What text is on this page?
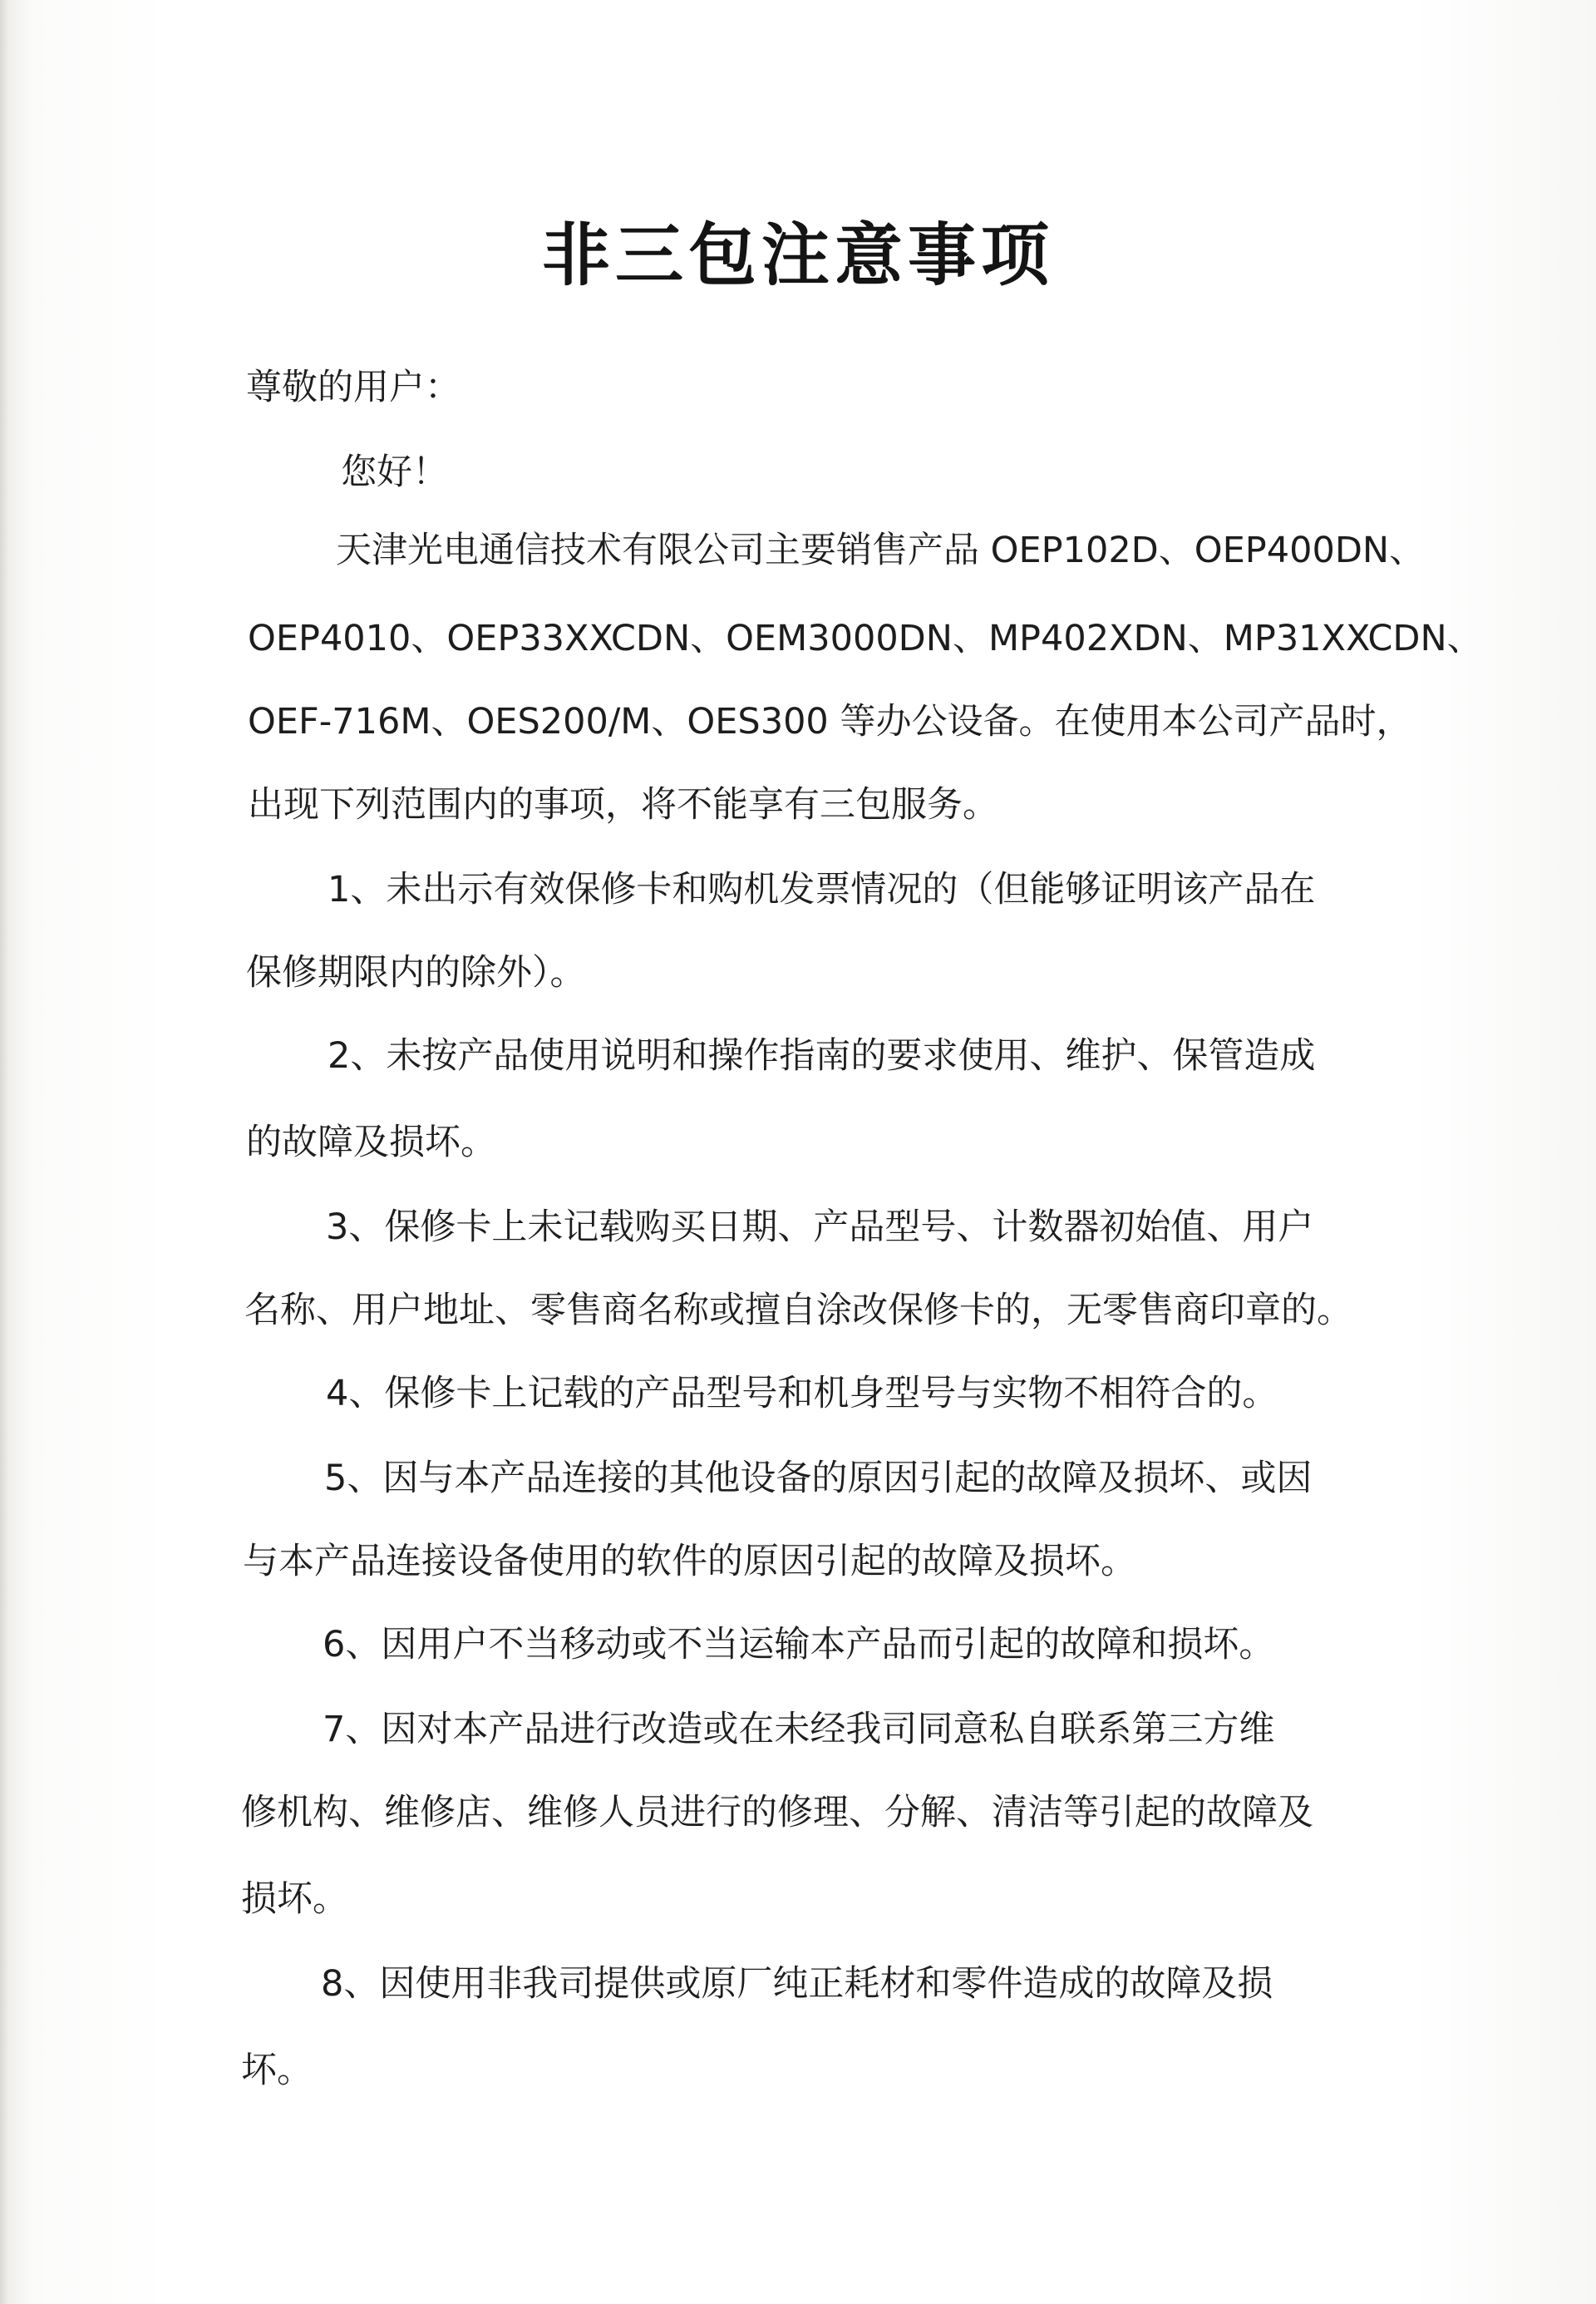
非三包注意事项
尊敬的用户：
您好！
天津光电通信技术有限公司主要销售产品 OEP102D、OEP400DN、
OEP4010、OEP33XXCDN、OEM3000DN、MP402XDN、MP31XXCDN、
OEF-716M、OES200/M、OES300 等办公设备。在使用本公司产品时，
出现下列范围内的事项，将不能享有三包服务。
1、未出示有效保修卡和购机发票情况的（但能够证明该产品在
保修期限内的除外）。
2、未按产品使用说明和操作指南的要求使用、维护、保管造成
的故障及损坏。
3、保修卡上未记载购买日期、产品型号、计数器初始值、用户
名称、用户地址、零售商名称或擅自涂改保修卡的，无零售商印章的。
4、保修卡上记载的产品型号和机身型号与实物不相符合的。
5、因与本产品连接的其他设备的原因引起的故障及损坏、或因
与本产品连接设备使用的软件的原因引起的故障及损坏。
6、因用户不当移动或不当运输本产品而引起的故障和损坏。
7、因对本产品进行改造或在未经我司同意私自联系第三方维
修机构、维修店、维修人员进行的修理、分解、清洁等引起的故障及
损坏。
8、因使用非我司提供或原厂纯正耗材和零件造成的故障及损
坏。
